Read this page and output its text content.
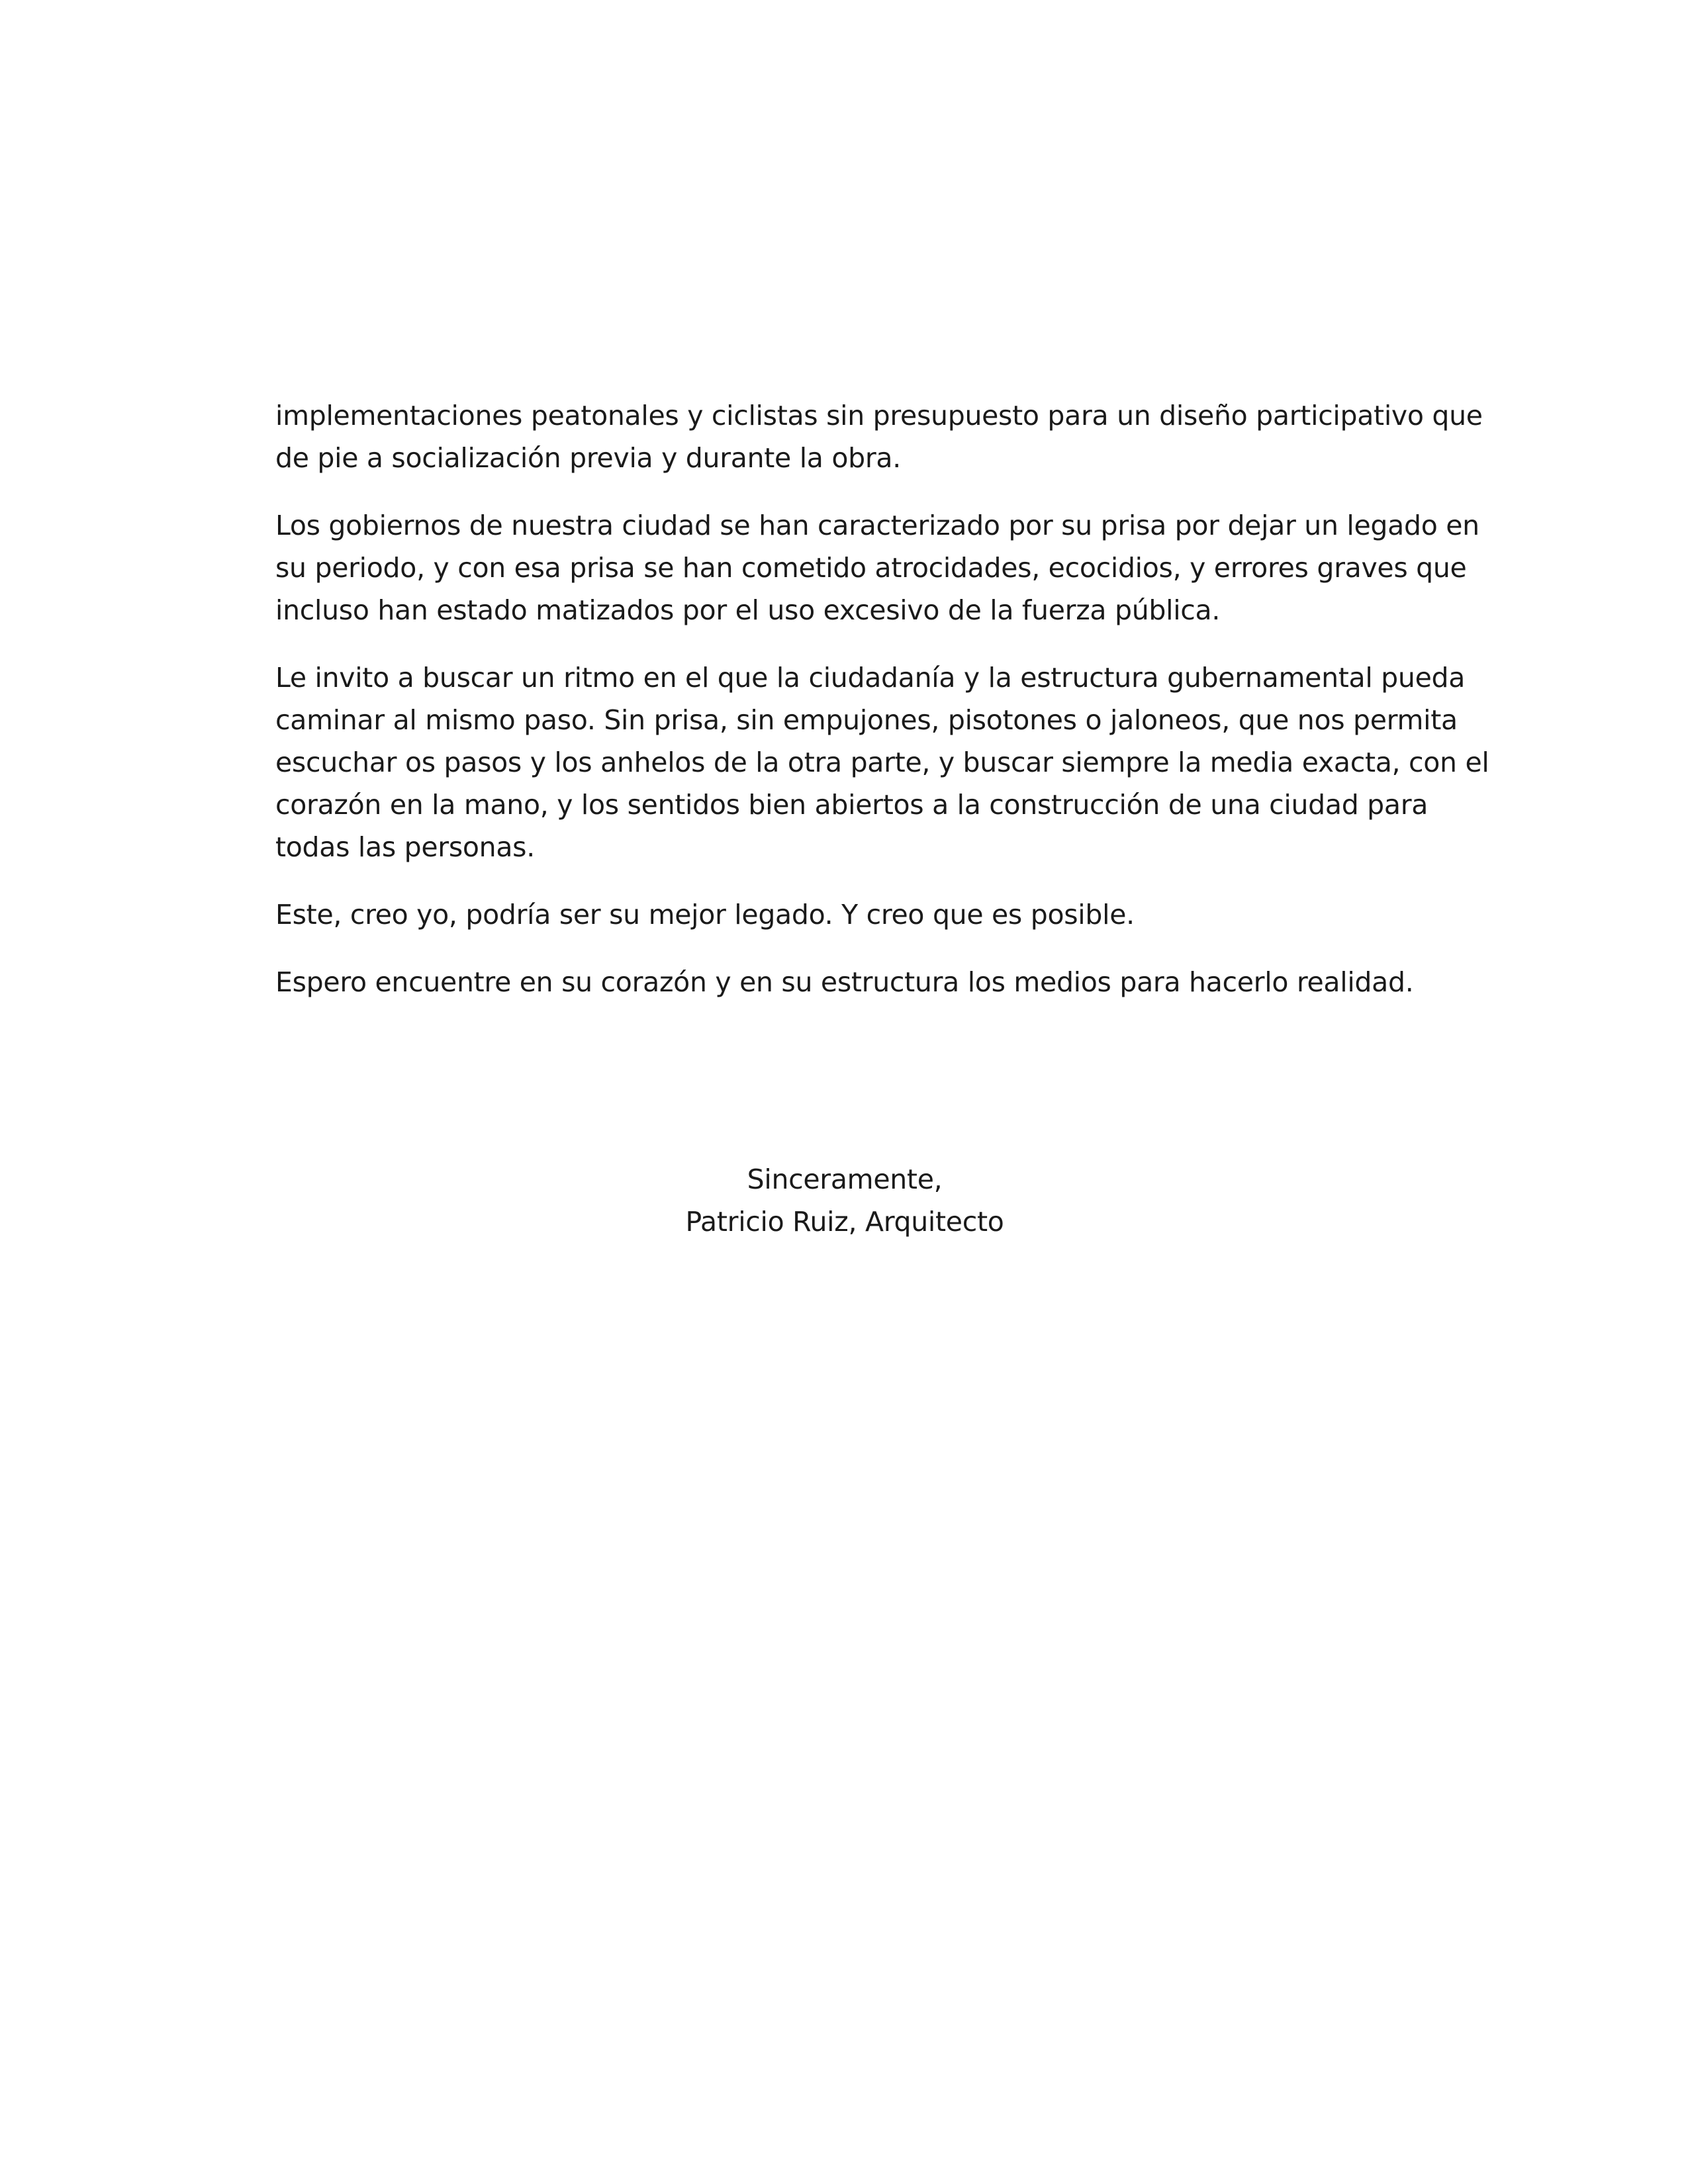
implementaciones peatonales y ciclistas sin presupuesto para un diseño participativo que
de pie a socialización previa y durante la obra.

Los gobiernos de nuestra ciudad se han caracterizado por su prisa por dejar un legado en
su periodo, y con esa prisa se han cometido atrocidades, ecocidios, y errores graves que
incluso han estado matizados por el uso excesivo de la fuerza pública.

Le invito a buscar un ritmo en el que la ciudadanía y la estructura gubernamental pueda
caminar al mismo paso. Sin prisa, sin empujones, pisotones o jaloneos, que nos permita
escuchar os pasos y los anhelos de la otra parte, y buscar siempre la media exacta, con el
corazón en la mano, y los sentidos bien abiertos a la construcción de una ciudad para
todas las personas.

Este, creo yo, podría ser su mejor legado. Y creo que es posible.

Espero encuentre en su corazón y en su estructura los medios para hacerlo realidad.

Sinceramente,
Patricio Ruiz, Arquitecto
